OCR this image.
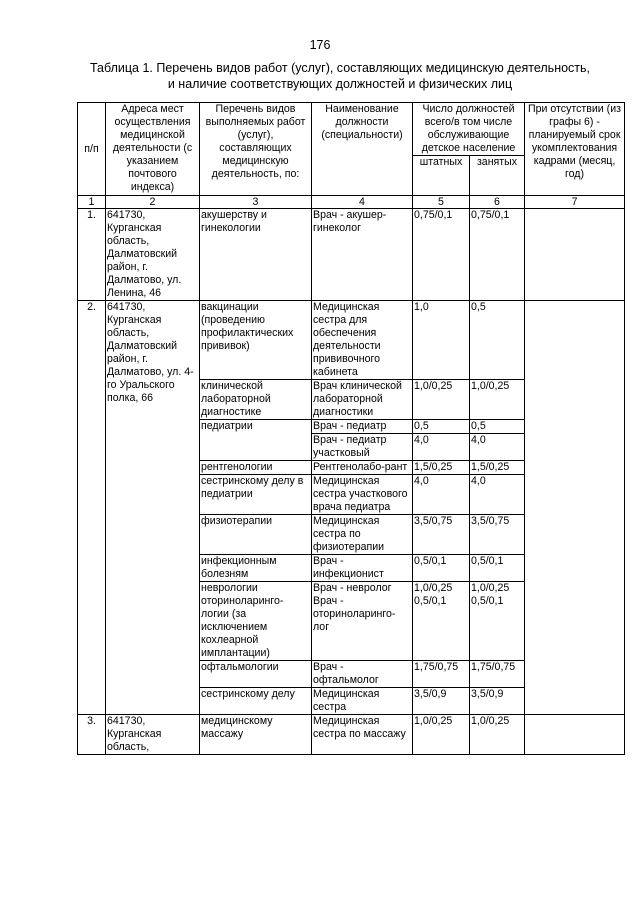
176
Таблица 1. Перечень видов работ (услуг), составляющих медицинскую деятельность,
и наличие соответствующих должностей и физических лиц
п/п	Адреса мест осуществления медицинской деятельности (с указанием почтового индекса)	Перечень видов выполняемых работ (услуг), составляющих медицинскую деятельность, по:	Наименование должности (специальности)	Число должностей всего/в том числе обслуживающие детское население		При отсутствии (из графы 6) - планируемый срок укомплектования кадрами (месяц, год)
				штатных	занятых	
1	2	3	4	5	6	7
1.	641730, Курганская область, Далматовский район, г. Далматово, ул. Ленина, 46	акушерству и гинекологии	Врач - акушер-гинеколог	0,75/0,1	0,75/0,1	
2.	641730, Курганская область, Далматовский район, г. Далматово, ул. 4-го Уральского полка, 66	вакцинации (проведению профилактических прививок)	Медицинская сестра для обеспечения деятельности прививочного кабинета	1,0	0,5	
		клинической лабораторной диагностике	Врач клинической лабораторной диагностики	1,0/0,25	1,0/0,25	
		педиатрии	Врач - педиатр	0,5	0,5	
			Врач - педиатр участковый	4,0	4,0	
		рентгенологии	Рентгенолабо-рант	1,5/0,25	1,5/0,25	
		сестринскому делу в педиатрии	Медицинская сестра участкового врача педиатра	4,0	4,0	
		физиотерапии	Медицинская сестра по физиотерапии	3,5/0,75	3,5/0,75	
		инфекционным болезням	Врач - инфекционист	0,5/0,1	0,5/0,1	
		неврологии	Врач - невролог	1,0/0,25	1,0/0,25	
		оториноларинго-логии (за исключением кохлеарной имплантации)	Врач - оториноларинго-лог	0,5/0,1	0,5/0,1	
		офтальмологии	Врач - офтальмолог	1,75/0,75	1,75/0,75	
		сестринскому делу	Медицинская сестра	3,5/0,9	3,5/0,9	
3.	641730, Курганская область,	медицинскому массажу	Медицинская сестра по массажу	1,0/0,25	1,0/0,25	
